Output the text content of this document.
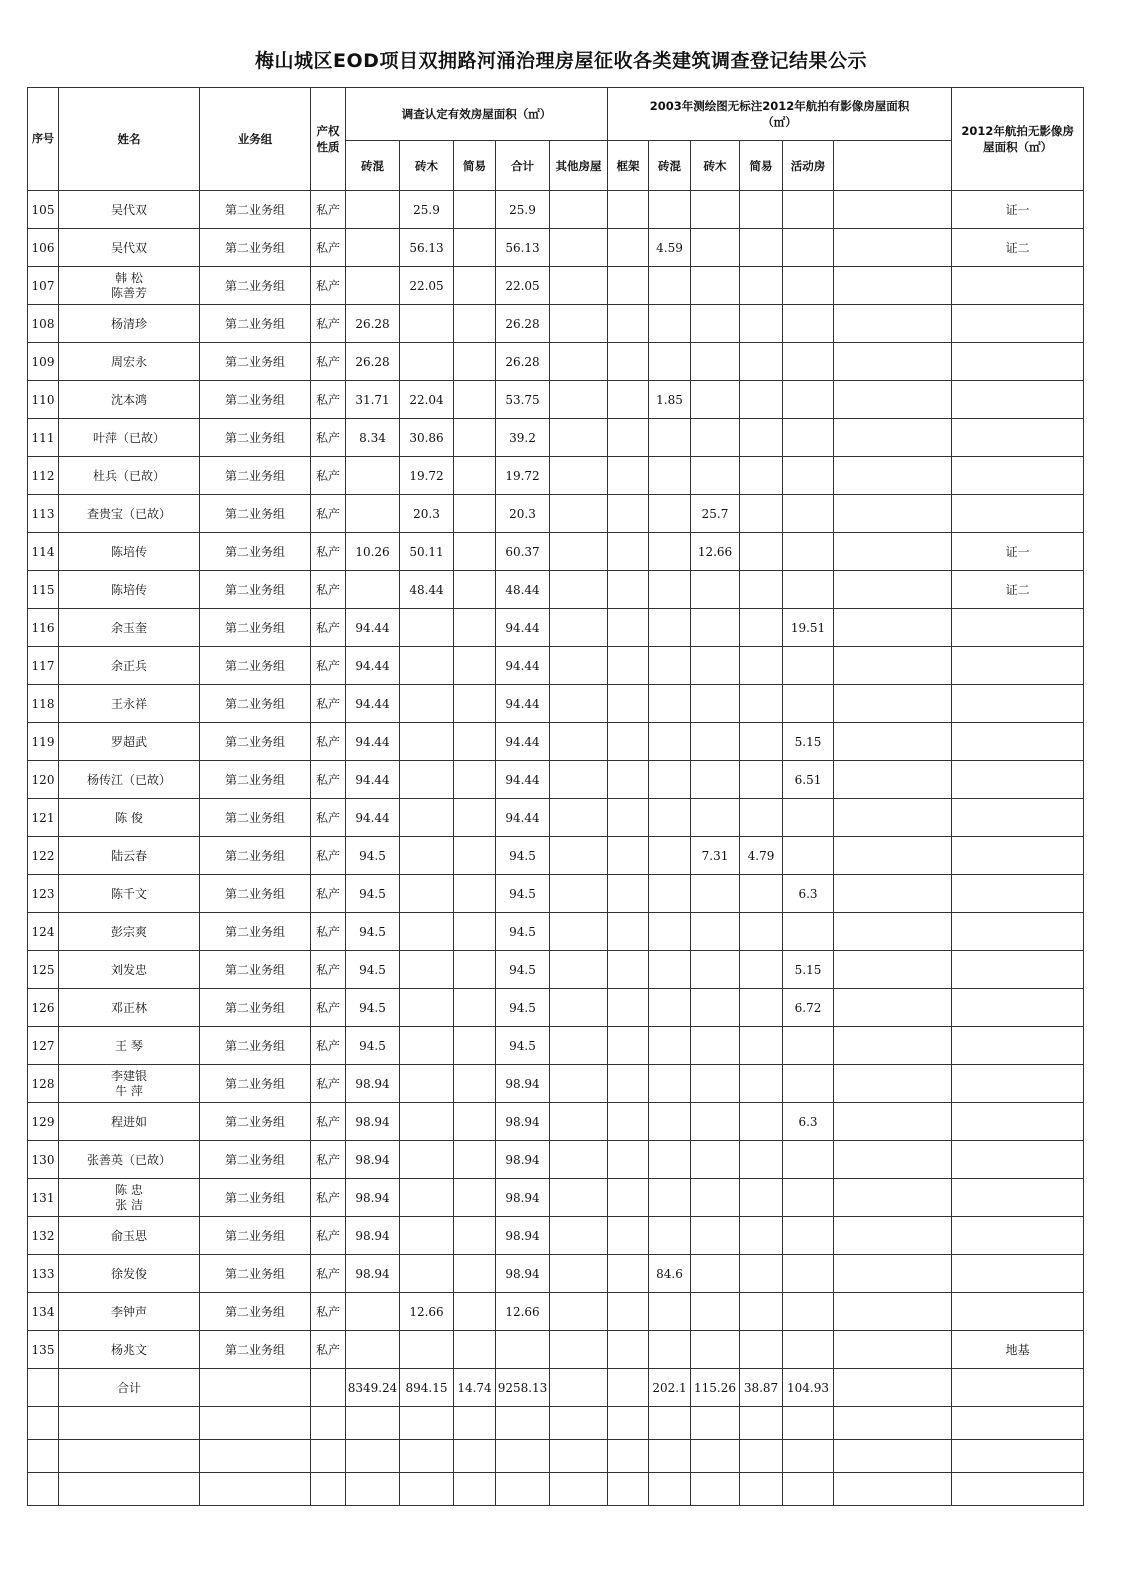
梅山城区EOD项目双拥路河涌治理房屋征收各类建筑调查登记结果公示
序号	姓名	业务组	产权性质	调查认定有效房屋面积（㎡）					2003年测绘图无标注2012年航拍有影像房屋面积（㎡）						2012年航拍无影像房屋面积（㎡）	
				砖混	砖木	简易	合计	其他房屋	框架	砖混	砖木	简易	活动房			
105	吴代双	第二业务组	私产		25.9		25.9								证一	
106	吴代双	第二业务组	私产		56.13		56.13			4.59					证二	
107	韩 松
陈善芳	第二业务组	私产		22.05		22.05									
108	杨清珍	第二业务组	私产	26.28			26.28									
109	周宏永	第二业务组	私产	26.28			26.28									
110	沈本鸿	第二业务组	私产	31.71	22.04		53.75			1.85						
111	叶萍（已故）	第二业务组	私产	8.34	30.86		39.2									
112	杜兵（已故）	第二业务组	私产		19.72		19.72									
113	查贵宝（已故）	第二业务组	私产		20.3		20.3				25.7					
114	陈培传	第二业务组	私产	10.26	50.11		60.37				12.66				证一	
115	陈培传	第二业务组	私产		48.44		48.44								证二	
116	余玉奎	第二业务组	私产	94.44			94.44						19.51			
117	余正兵	第二业务组	私产	94.44			94.44									
118	王永祥	第二业务组	私产	94.44			94.44									
119	罗超武	第二业务组	私产	94.44			94.44						5.15			
120	杨传江（已故）	第二业务组	私产	94.44			94.44						6.51			
121	陈 俊	第二业务组	私产	94.44			94.44									
122	陆云春	第二业务组	私产	94.5			94.5				7.31	4.79				
123	陈千文	第二业务组	私产	94.5			94.5						6.3			
124	彭宗爽	第二业务组	私产	94.5			94.5									
125	刘发忠	第二业务组	私产	94.5			94.5						5.15			
126	邓正林	第二业务组	私产	94.5			94.5						6.72			
127	王 琴	第二业务组	私产	94.5			94.5									
128	李建银
牛 萍	第二业务组	私产	98.94			98.94									
129	程进如	第二业务组	私产	98.94			98.94						6.3			
130	张善英（已故）	第二业务组	私产	98.94			98.94									
131	陈 忠
张 洁	第二业务组	私产	98.94			98.94									
132	俞玉思	第二业务组	私产	98.94			98.94									
133	徐发俊	第二业务组	私产	98.94			98.94			84.6						
134	李钟声	第二业务组	私产		12.66		12.66									
135	杨兆文	第二业务组	私产												地基	
	合计			8349.24	894.15	14.74	9258.13			202.1	115.26	38.87	104.93			
